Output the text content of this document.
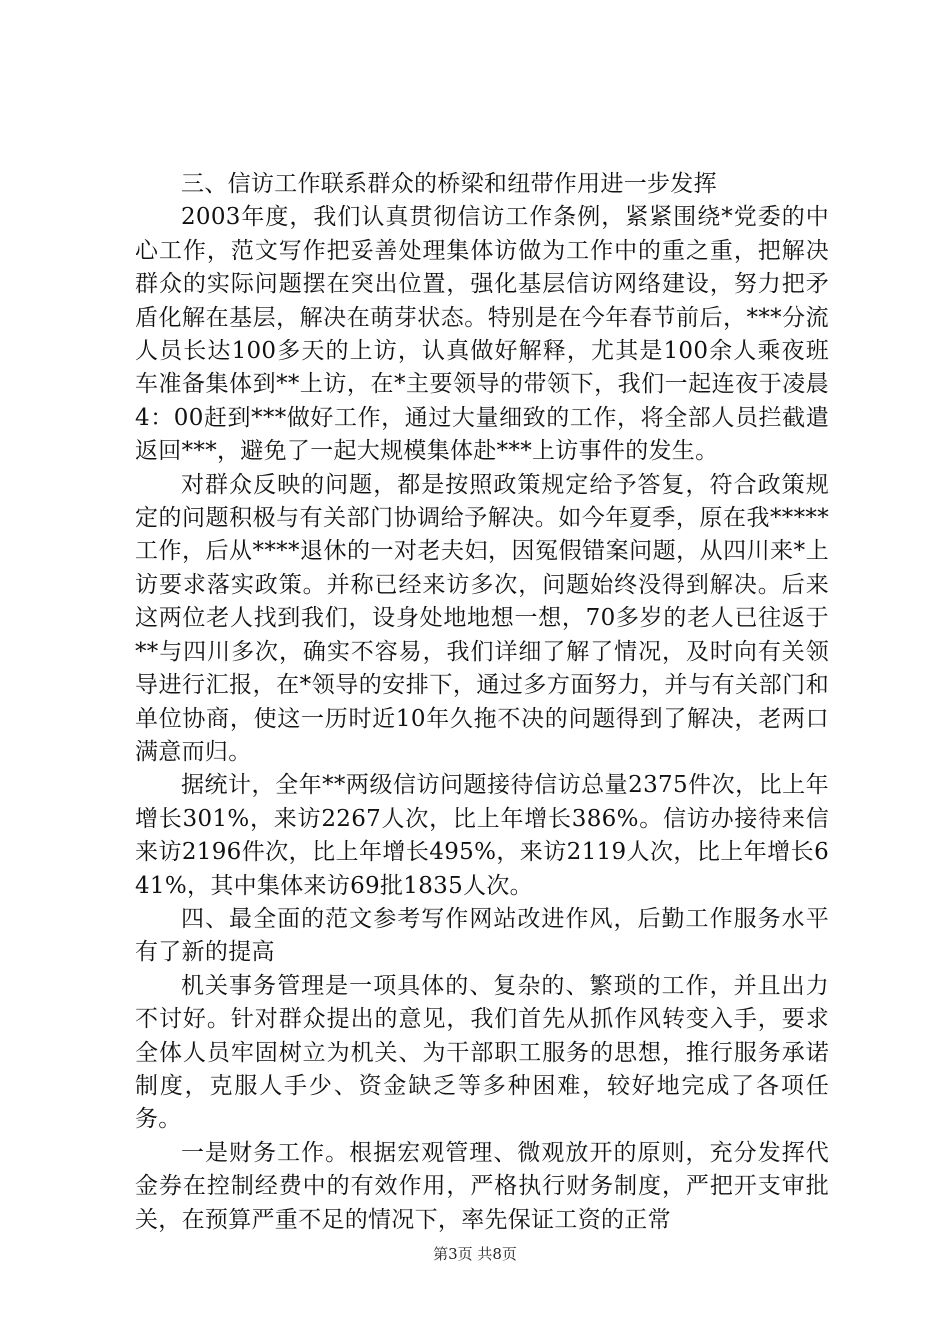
三、信访工作联系群众的桥梁和纽带作用进一步发挥

2003年度，我们认真贯彻信访工作条例，紧紧围绕*党委的中心工作，范文写作把妥善处理集体访做为工作中的重之重，把解决群众的实际问题摆在突出位置，强化基层信访网络建设，努力把矛盾化解在基层，解决在萌芽状态。特别是在今年春节前后，***分流人员长达100多天的上访，认真做好解释，尤其是100余人乘夜班车准备集体到**上访，在*主要领导的带领下，我们一起连夜于凌晨4：00赶到***做好工作，通过大量细致的工作，将全部人员拦截遣返回***，避免了一起大规模集体赴***上访事件的发生。

对群众反映的问题，都是按照政策规定给予答复，符合政策规定的问题积极与有关部门协调给予解决。如今年夏季，原在我*****工作，后从****退休的一对老夫妇，因冤假错案问题，从四川来*上访要求落实政策。并称已经来访多次，问题始终没得到解决。后来这两位老人找到我们，设身处地地想一想，70多岁的老人已往返于**与四川多次，确实不容易，我们详细了解了情况，及时向有关领导进行汇报，在*领导的安排下，通过多方面努力，并与有关部门和单位协商，使这一历时近10年久拖不决的问题得到了解决，老两口满意而归。

据统计，全年**两级信访问题接待信访总量2375件次，比上年增长301%，来访2267人次，比上年增长386%。信访办接待来信来访2196件次，比上年增长495%，来访2119人次，比上年增长641%，其中集体来访69批1835人次。

四、最全面的范文参考写作网站改进作风，后勤工作服务水平有了新的提高

机关事务管理是一项具体的、复杂的、繁琐的工作，并且出力不讨好。针对群众提出的意见，我们首先从抓作风转变入手，要求全体人员牢固树立为机关、为干部职工服务的思想，推行服务承诺制度，克服人手少、资金缺乏等多种困难，较好地完成了各项任务。

一是财务工作。根据宏观管理、微观放开的原则，充分发挥代金券在控制经费中的有效作用，严格执行财务制度，严把开支审批关，在预算严重不足的情况下，率先保证工资的正常

第3页 共8页
